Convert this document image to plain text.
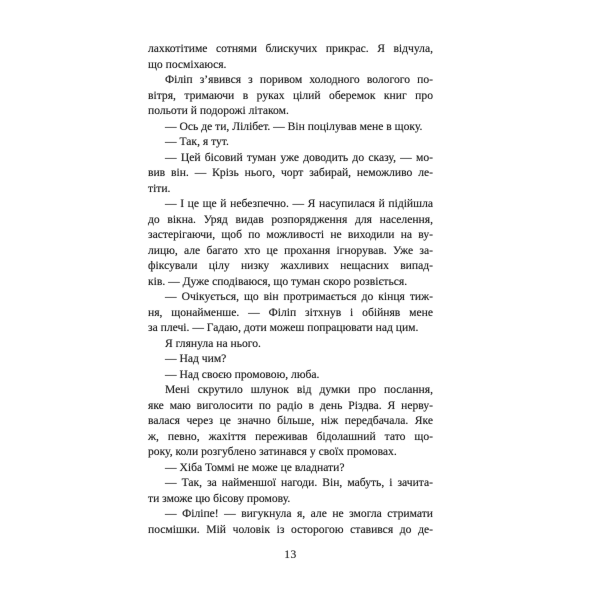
лахкотітиме сотнями блискучих прикрас. Я відчула,
що посміхаюся.
Філіп з’явився з поривом холодного вологого по-
вітря, тримаючи в руках цілий оберемок книг про
польоти й подорожі літаком.
— Ось де ти, Лілібет. — Він поцілував мене в щоку.
— Так, я тут.
— Цей бісовий туман уже доводить до сказу, — мо-
вив він. — Крізь нього, чорт забирай, неможливо ле-
тіти.
— І це ще й небезпечно. — Я насупилася й підійшла
до вікна. Уряд видав розпорядження для населення,
застерігаючи, щоб по можливості не виходили на ву-
лицю, але багато хто це прохання ігнорував. Уже за-
фіксували цілу низку жахливих нещасних випад-
ків. — Дуже сподіваюся, що туман скоро розвіється.
— Очікується, що він протримається до кінця тиж-
ня, щонайменше. — Філіп зітхнув і обійняв мене
за плечі. — Гадаю, доти можеш попрацювати над цим.
Я глянула на нього.
— Над чим?
— Над своєю промовою, люба.
Мені скрутило шлунок від думки про послання,
яке маю виголосити по радіо в день Різдва. Я нерву-
валася через це значно більше, ніж передбачала. Яке
ж, певно, жахіття переживав бідолашний тато що-
року, коли розгублено затинався у своїх промовах.
— Хіба Томмі не може це владнати?
— Так, за найменшої нагоди. Він, мабуть, і зачита-
ти зможе цю бісову промову.
— Філіпе! — вигукнула я, але не змогла стримати
посмішки. Мій чоловік із осторогою ставився до де-
13
